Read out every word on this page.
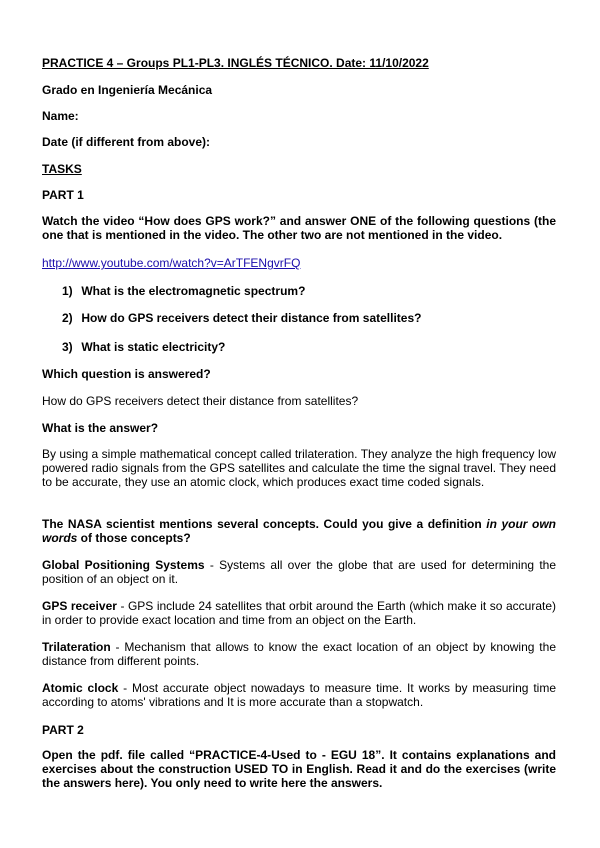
PRACTICE 4 – Groups PL1-PL3. INGLÉS TÉCNICO. Date: 11/10/2022
Grado en Ingeniería Mecánica
Name:
Date (if different from above):
TASKS
PART 1
Watch the video “How does GPS work?” and answer ONE of the following questions (the one that is mentioned in the video. The other two are not mentioned in the video.
http://www.youtube.com/watch?v=ArTFENgvrFQ
1) What is the electromagnetic spectrum?
2) How do GPS receivers detect their distance from satellites?
3) What is static electricity?
Which question is answered?
How do GPS receivers detect their distance from satellites?
What is the answer?
By using a simple mathematical concept called trilateration. They analyze the high frequency low powered radio signals from the GPS satellites and calculate the time the signal travel. They need to be accurate, they use an atomic clock, which produces exact time coded signals.
The NASA scientist mentions several concepts. Could you give a definition in your own words of those concepts?
Global Positioning Systems - Systems all over the globe that are used for determining the position of an object on it.
GPS receiver - GPS include 24 satellites that orbit around the Earth (which make it so accurate) in order to provide exact location and time from an object on the Earth.
Trilateration - Mechanism that allows to know the exact location of an object by knowing the distance from different points.
Atomic clock - Most accurate object nowadays to measure time. It works by measuring time according to atoms' vibrations and It is more accurate than a stopwatch.
PART 2
Open the pdf. file called “PRACTICE-4-Used to - EGU 18”. It contains explanations and exercises about the construction USED TO in English. Read it and do the exercises (write the answers here). You only need to write here the answers.
